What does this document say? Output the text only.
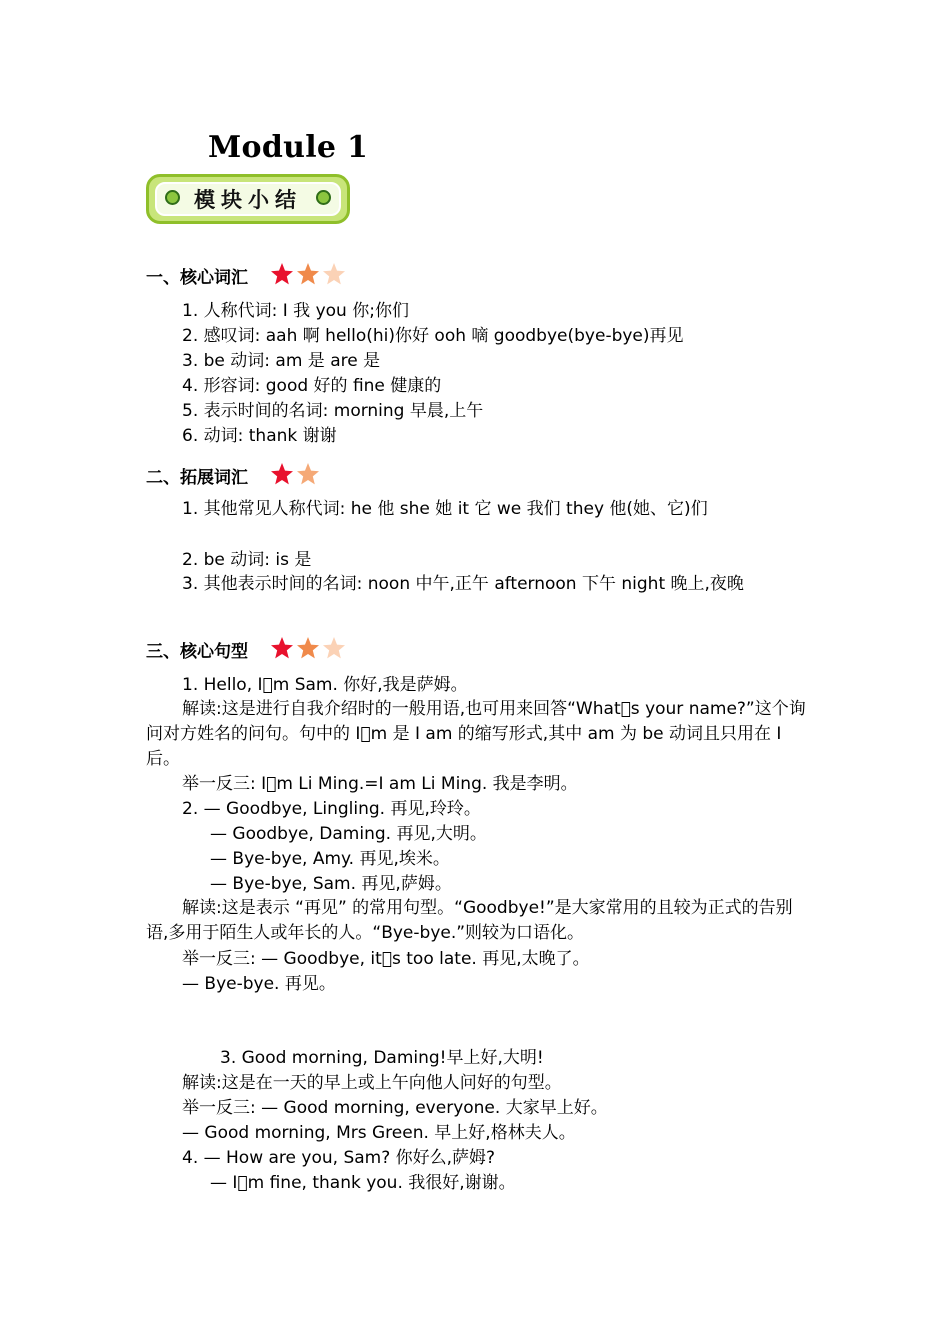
Module 1
模块小结
一、核心词汇
1. 人称代词: I 我 you 你;你们
2. 感叹词: aah 啊 hello(hi)你好 ooh 嘀 goodbye(bye-bye)再见
3. be 动词: am 是 are 是
4. 形容词: good 好的 fine 健康的
5. 表示时间的名词: morning 早晨,上午
6. 动词: thank 谢谢
二、拓展词汇
1. 其他常见人称代词: he 他 she 她 it 它 we 我们 they 他(她、它)们
2. be 动词: is 是
3. 其他表示时间的名词: noon 中午,正午 afternoon 下午 night 晚上,夜晚
三、核心句型
1. Hello, I m Sam. 你好,我是萨姆。
解读:这是进行自我介绍时的一般用语,也可用来回答“What s your name?”这个询问对方姓名的问句。句中的 I m 是 I am 的缩写形式,其中 am 为 be 动词且只用在 I 后。
举一反三: I m Li Ming.=I am Li Ming. 我是李明。
2. — Goodbye, Lingling. 再见,玲玲。
— Goodbye, Daming. 再见,大明。
— Bye-bye, Amy. 再见,埃米。
— Bye-bye, Sam. 再见,萨姆。
解读:这是表示 “再见” 的常用句型。“Goodbye!”是大家常用的且较为正式的告别语,多用于陌生人或年长的人。“Bye-bye.”则较为口语化。
举一反三: — Goodbye, it s too late. 再见,太晚了。
— Bye-bye. 再见。
3. Good morning, Daming!早上好,大明!
解读:这是在一天的早上或上午向他人问好的句型。
举一反三: — Good morning, everyone. 大家早上好。
— Good morning, Mrs Green. 早上好,格林夫人。
4. — How are you, Sam? 你好么,萨姆?
— I m fine, thank you. 我很好,谢谢。
